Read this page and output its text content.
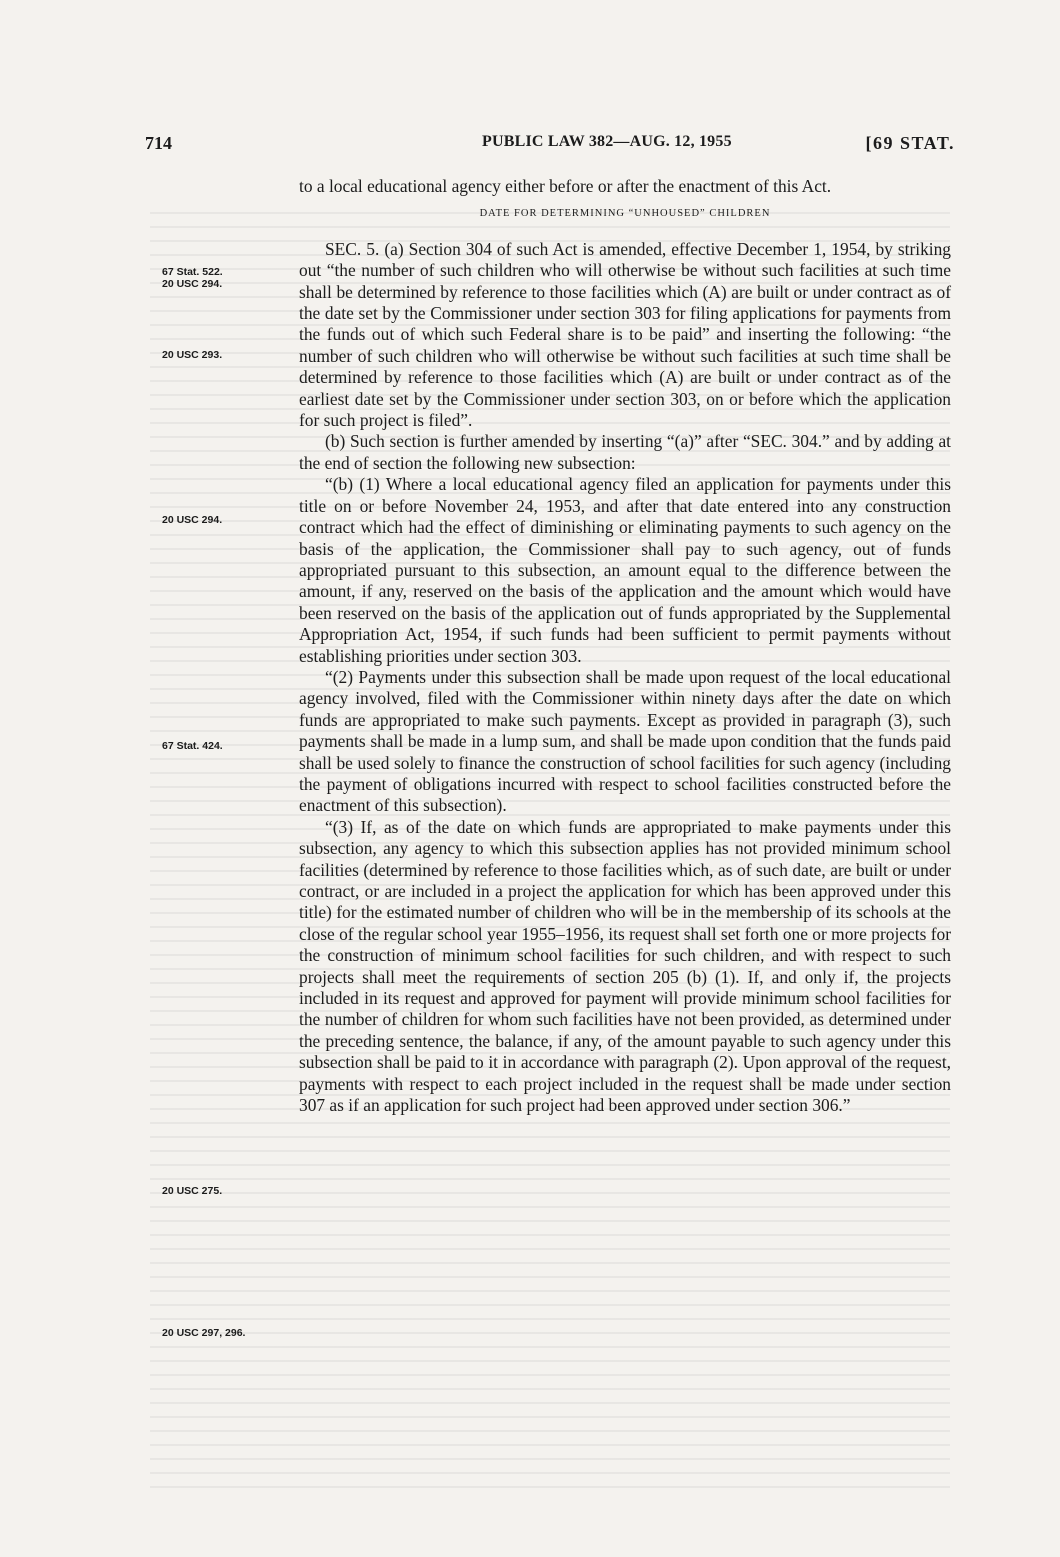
714	PUBLIC LAW 382—AUG. 12, 1955	[69 STAT.
67 Stat. 522.
20 USC 294.
20 USC 293.
20 USC 294.
67 Stat. 424.
20 USC 275.
20 USC 297, 296.

to a local educational agency either before or after the enactment of this Act.

DATE FOR DETERMINING “UNHOUSED” CHILDREN

SEC. 5. (a) Section 304 of such Act is amended, effective December 1, 1954, by striking out “the number of such children who will otherwise be without such facilities at such time shall be determined by reference to those facilities which (A) are built or under contract as of the date set by the Commissioner under section 303 for filing applications for payments from the funds out of which such Federal share is to be paid” and inserting the following: “the number of such children who will otherwise be without such facilities at such time shall be determined by reference to those facilities which (A) are built or under contract as of the earliest date set by the Commissioner under section 303, on or before which the application for such project is filed”.

(b) Such section is further amended by inserting “(a)” after “SEC. 304.” and by adding at the end of section the following new subsection:

“(b) (1) Where a local educational agency filed an application for payments under this title on or before November 24, 1953, and after that date entered into any construction contract which had the effect of diminishing or eliminating payments to such agency on the basis of the application, the Commissioner shall pay to such agency, out of funds appropriated pursuant to this subsection, an amount equal to the difference between the amount, if any, reserved on the basis of the application and the amount which would have been reserved on the basis of the application out of funds appropriated by the Supplemental Appropriation Act, 1954, if such funds had been sufficient to permit payments without establishing priorities under section 303.

“(2) Payments under this subsection shall be made upon request of the local educational agency involved, filed with the Commissioner within ninety days after the date on which funds are appropriated to make such payments. Except as provided in paragraph (3), such payments shall be made in a lump sum, and shall be made upon condition that the funds paid shall be used solely to finance the construction of school facilities for such agency (including the payment of obligations incurred with respect to school facilities constructed before the enactment of this subsection).

“(3) If, as of the date on which funds are appropriated to make payments under this subsection, any agency to which this subsection applies has not provided minimum school facilities (determined by reference to those facilities which, as of such date, are built or under contract, or are included in a project the application for which has been approved under this title) for the estimated number of children who will be in the membership of its schools at the close of the regular school year 1955–1956, its request shall set forth one or more projects for the construction of minimum school facilities for such children, and with respect to such projects shall meet the requirements of section 205 (b) (1). If, and only if, the projects included in its request and approved for payment will provide minimum school facilities for the number of children for whom such facilities have not been provided, as determined under the preceding sentence, the balance, if any, of the amount payable to such agency under this subsection shall be paid to it in accordance with paragraph (2). Upon approval of the request, payments with respect to each project included in the request shall be made under section 307 as if an application for such project had been approved under section 306.”
